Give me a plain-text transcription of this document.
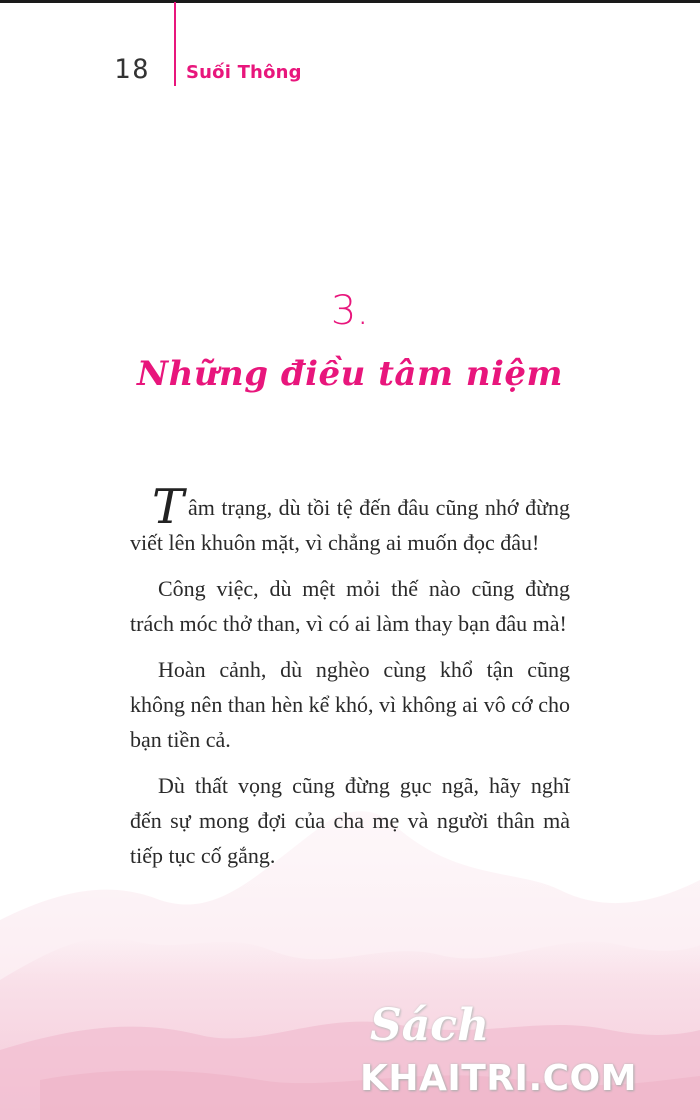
18 Suối Thông
3.
Những điều tâm niệm

Tâm trạng, dù tồi tệ đến đâu cũng nhớ đừng viết lên khuôn mặt, vì chẳng ai muốn đọc đâu!

Công việc, dù mệt mỏi thế nào cũng đừng trách móc thở than, vì có ai làm thay bạn đâu mà!

Hoàn cảnh, dù nghèo cùng khổ tận cũng không nên than hèn kể khó, vì không ai vô cớ cho bạn tiền cả.

Dù thất vọng cũng đừng gục ngã, hãy nghĩ đến sự mong đợi của cha mẹ và người thân mà tiếp tục cố gắng.

Sách
KHAITRI.COM
